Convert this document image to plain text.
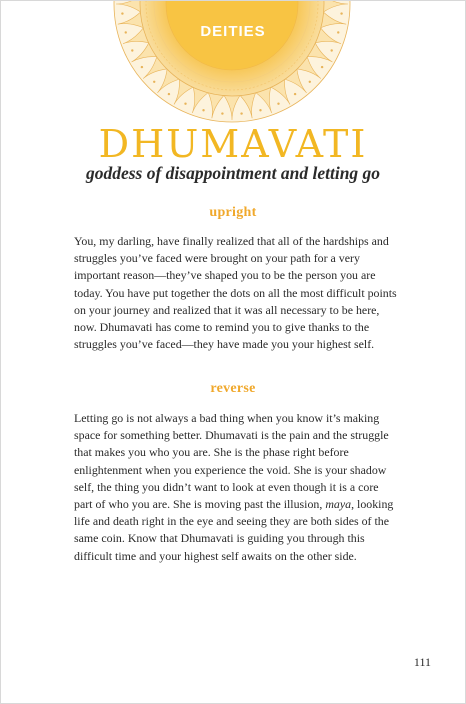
DEITIES
DHUMAVATI
goddess of disappointment and letting go
upright
You, my darling, have finally realized that all of the hardships and
struggles you’ve faced were brought on your path for a very
important reason—they’ve shaped you to be the person you are
today. You have put together the dots on all the most difficult points
on your journey and realized that it was all necessary to be here,
now. Dhumavati has come to remind you to give thanks to the
struggles you’ve faced—they have made you your highest self.
reverse
Letting go is not always a bad thing when you know it’s making
space for something better. Dhumavati is the pain and the struggle
that makes you who you are. She is the phase right before
enlightenment when you experience the void. She is your shadow
self, the thing you didn’t want to look at even though it is a core
part of who you are. She is moving past the illusion, maya, looking
life and death right in the eye and seeing they are both sides of the
same coin. Know that Dhumavati is guiding you through this
difficult time and your highest self awaits on the other side.
111
